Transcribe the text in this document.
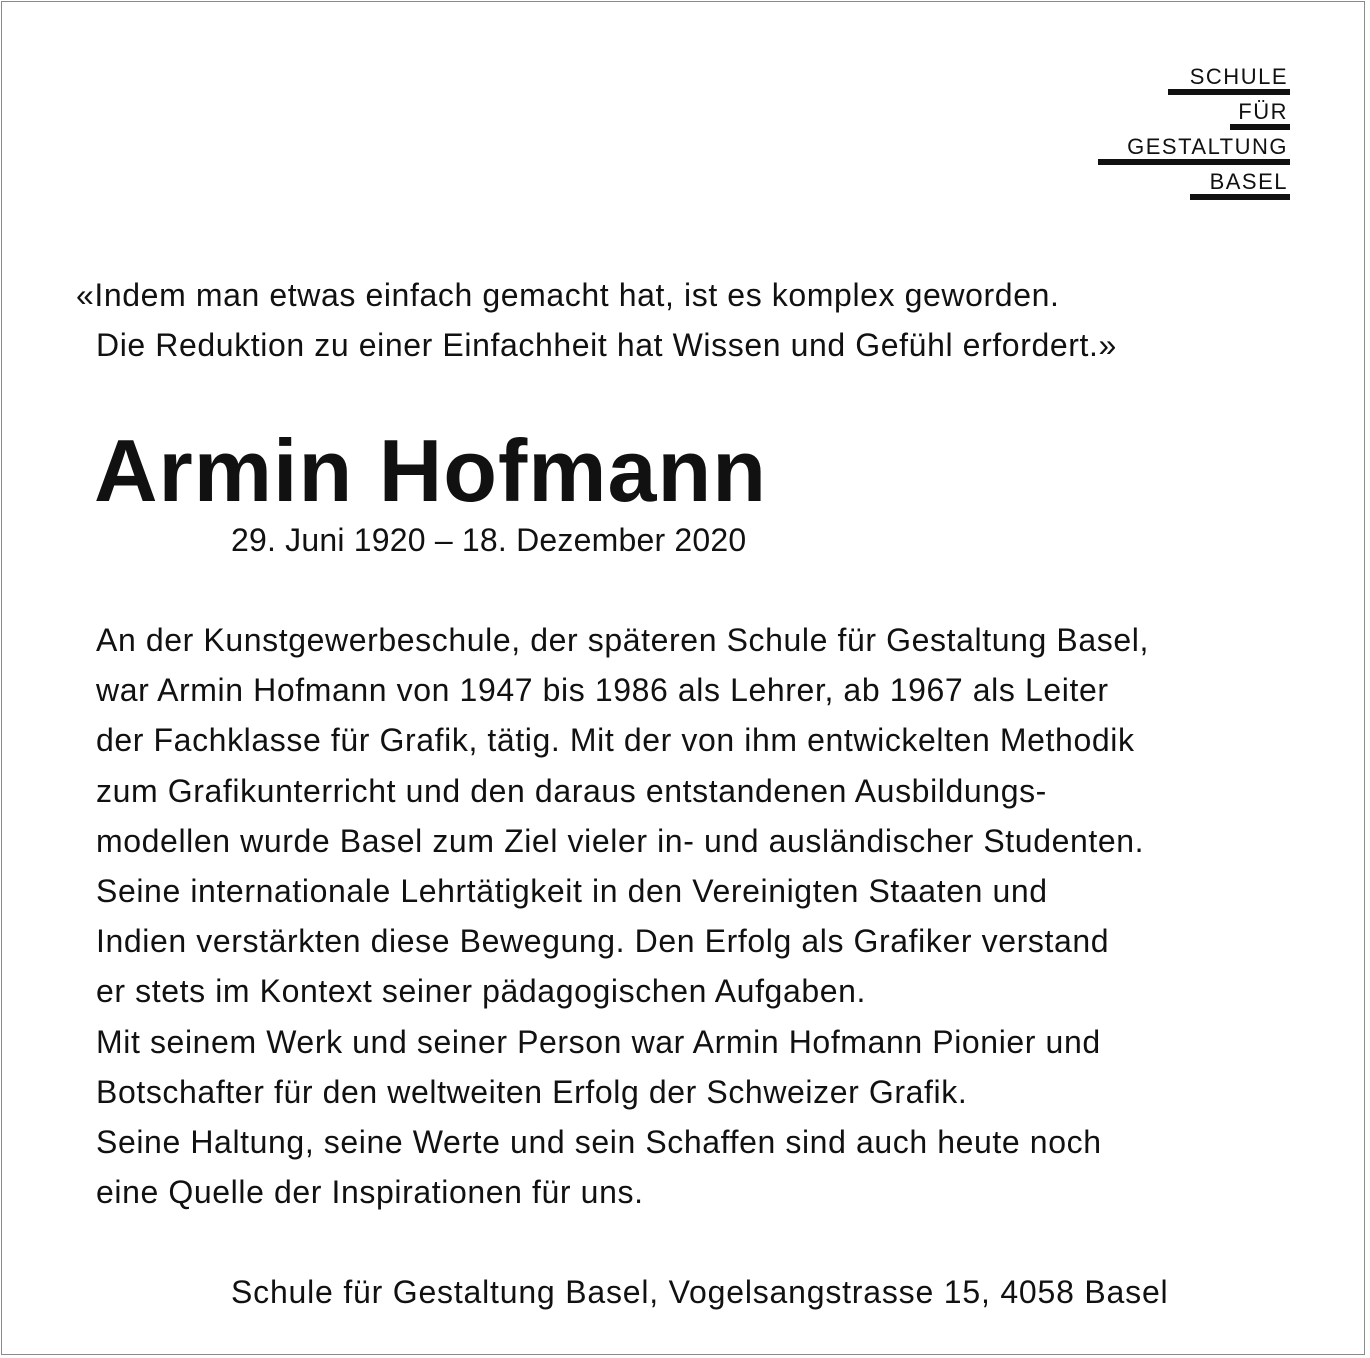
SCHULE
FÜR
GESTALTUNG
BASEL
«Indem man etwas einfach gemacht hat, ist es komplex geworden.
Die Reduktion zu einer Einfachheit hat Wissen und Gefühl erfordert.»
Armin Hofmann
29. Juni 1920 – 18. Dezember 2020
An der Kunstgewerbeschule, der späteren Schule für Gestaltung Basel,
war Armin Hofmann von 1947 bis 1986 als Lehrer, ab 1967 als Leiter
der Fachklasse für Grafik, tätig. Mit der von ihm entwickelten Methodik
zum Grafikunterricht und den daraus entstandenen Ausbildungs-
modellen wurde Basel zum Ziel vieler in- und ausländischer Studenten.
Seine internationale Lehrtätigkeit in den Vereinigten Staaten und
Indien verstärkten diese Bewegung. Den Erfolg als Grafiker verstand
er stets im Kontext seiner pädagogischen Aufgaben.
Mit seinem Werk und seiner Person war Armin Hofmann Pionier und
Botschafter für den weltweiten Erfolg der Schweizer Grafik.
Seine Haltung, seine Werte und sein Schaffen sind auch heute noch
eine Quelle der Inspirationen für uns.
Schule für Gestaltung Basel, Vogelsangstrasse 15, 4058 Basel
